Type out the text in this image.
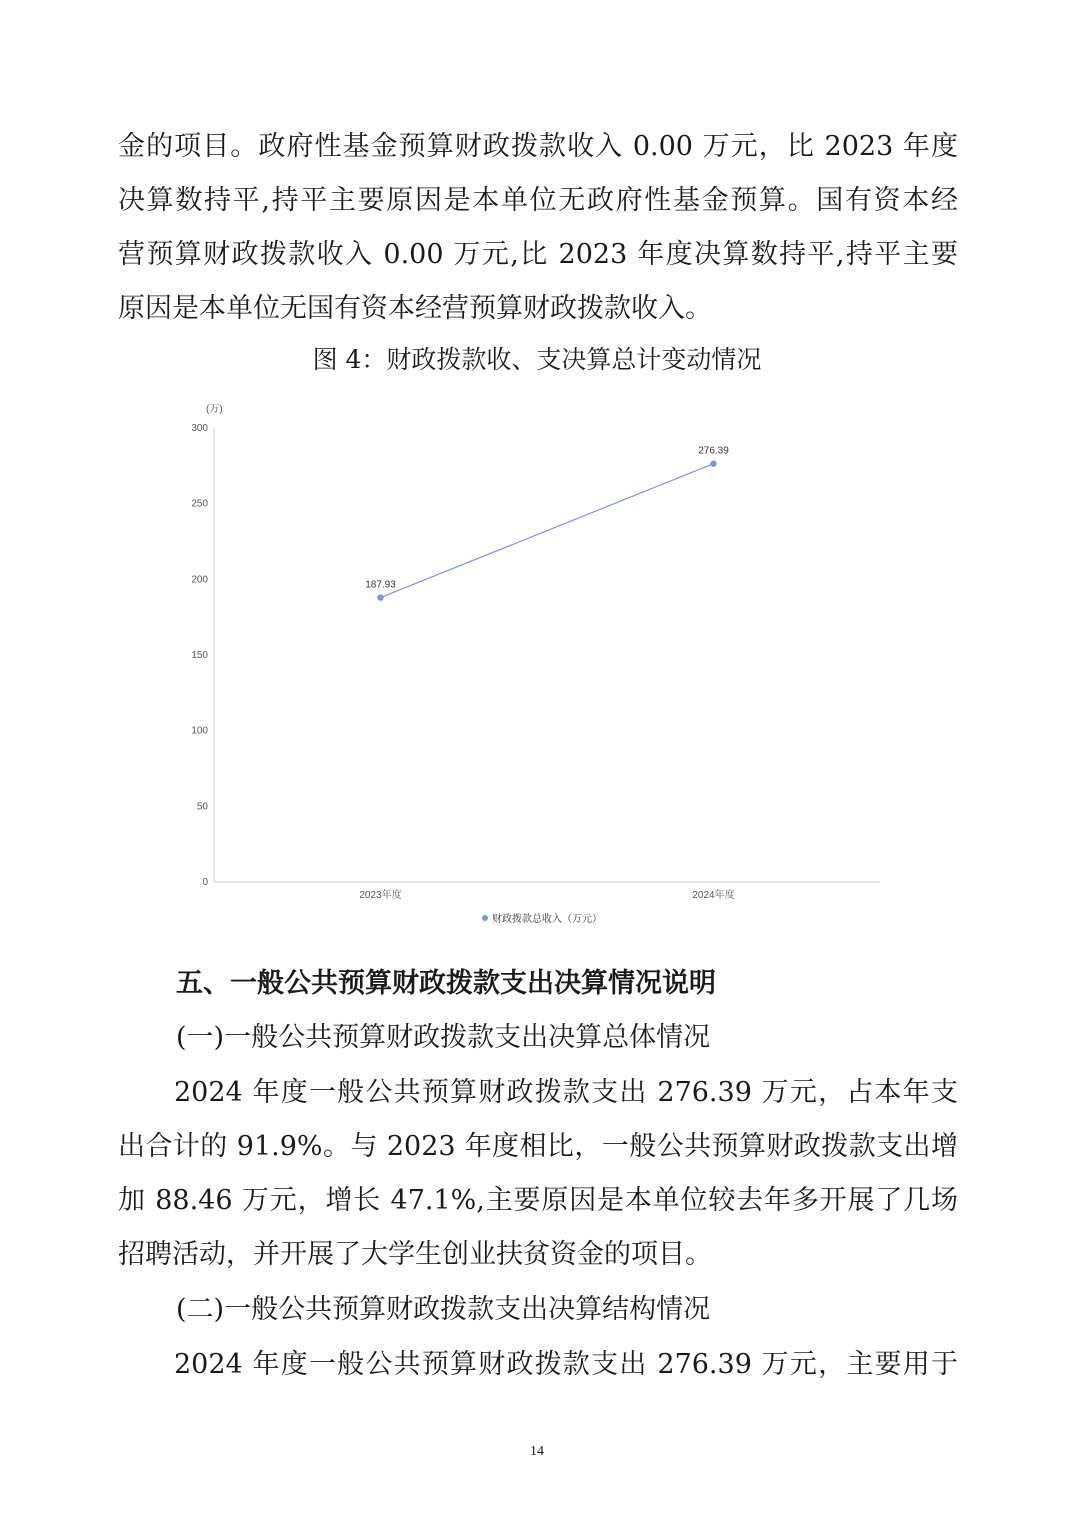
金的项目。政府性基金预算财政拨款收入 0.00 万元，比 2023 年度
决算数持平,持平主要原因是本单位无政府性基金预算。国有资本经
营预算财政拨款收入 0.00 万元,比 2023 年度决算数持平,持平主要
原因是本单位无国有资本经营预算财政拨款收入。

图 4：财政拨款收、支决算总计变动情况

(万)
0
50
100
150
200
250
300
2023年度	2024年度
187.93
276.39
财政拨款总收入（万元）

五、一般公共预算财政拨款支出决算情况说明

(一)一般公共预算财政拨款支出决算总体情况

2024 年度一般公共预算财政拨款支出 276.39 万元，占本年支
出合计的 91.9%。与 2023 年度相比，一般公共预算财政拨款支出增
加 88.46 万元，增长 47.1%,主要原因是本单位较去年多开展了几场
招聘活动，并开展了大学生创业扶贫资金的项目。

(二)一般公共预算财政拨款支出决算结构情况

2024 年度一般公共预算财政拨款支出 276.39 万元，主要用于
14
